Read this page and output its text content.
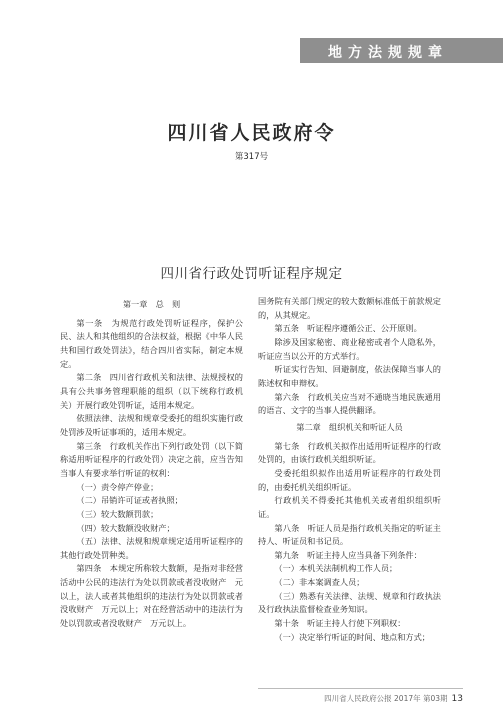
地方法规规章
四川省人民政府令
第317号
四川省行政处罚听证程序规定

第一章　总　则

第一条　为规范行政处罚听证程序，保护公民、法人和其他组织的合法权益，根据《中华人民共和国行政处罚法》，结合四川省实际，制定本规定。

第二条　四川省行政机关和法律、法规授权的具有公共事务管理职能的组织（以下统称行政机关）开展行政处罚听证，适用本规定。

依照法律、法规和规章受委托的组织实施行政处罚涉及听证事项的，适用本规定。

第三条　行政机关作出下列行政处罚（以下简称适用听证程序的行政处罚）决定之前，应当告知当事人有要求举行听证的权利：

（一）责令停产停业；

（二）吊销许可证或者执照；

（三）较大数额罚款；

（四）较大数额没收财产；

（五）法律、法规和规章规定适用听证程序的其他行政处罚种类。

第四条　本规定所称较大数额，是指对非经营活动中公民的违法行为处以罚款或者没收财产　元以上，法人或者其他组织的违法行为处以罚款或者没收财产　万元以上；对在经营活动中的违法行为处以罚款或者没收财产　万元以上。

国务院有关部门规定的较大数额标准低于前款规定的，从其规定。

第五条　听证程序遵循公正、公开原则。

除涉及国家秘密、商业秘密或者个人隐私外，听证应当以公开的方式举行。

听证实行告知、回避制度，依法保障当事人的陈述权和申辩权。

第六条　行政机关应当对不通晓当地民族通用的语言、文字的当事人提供翻译。

第二章　组织机关和听证人员

第七条　行政机关拟作出适用听证程序的行政处罚的，由该行政机关组织听证。

受委托组织拟作出适用听证程序的行政处罚的，由委托机关组织听证。

行政机关不得委托其他机关或者组织组织听证。

第八条　听证人员是指行政机关指定的听证主持人、听证员和书记员。

第九条　听证主持人应当具备下列条件：

（一）本机关法制机构工作人员；

（二）非本案调查人员；

（三）熟悉有关法律、法规、规章和行政执法及行政执法监督检查业务知识。

第十条　听证主持人行使下列职权：

（一）决定举行听证的时间、地点和方式；

四川省人民政府公报 2017年 第03期 13
